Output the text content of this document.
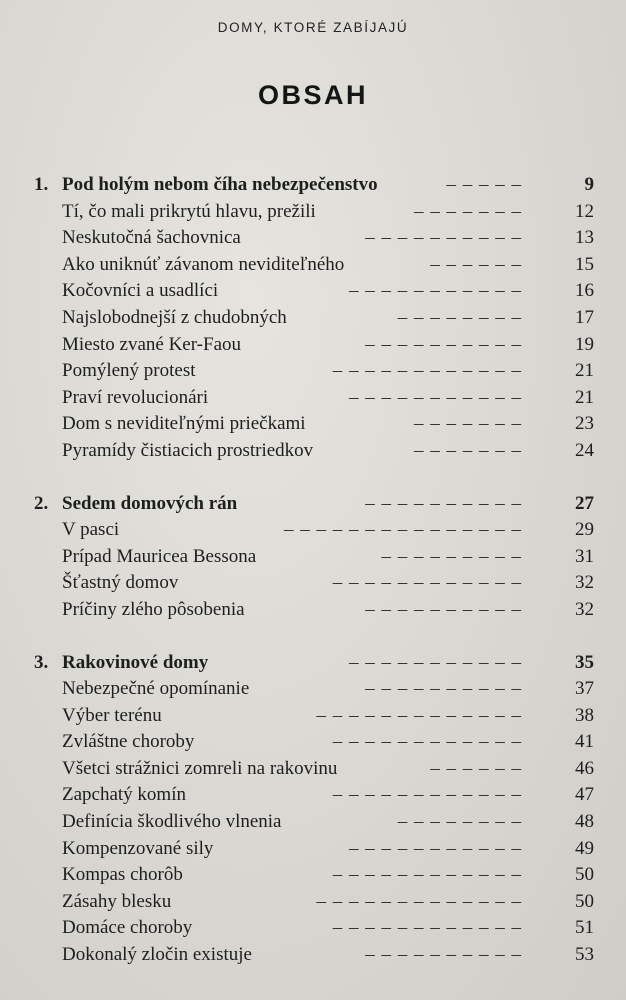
DOMY, KTORÉ ZABÍJAJÚ
OBSAH
1. Pod holým nebom číha nebezpečenstvo	– – – – –	9
Tí, čo mali prikrytú hlavu, prežili	– – – – – – –	12
Neskutočná šachovnica	– – – – – – – – – –	13
Ako uniknúť závanom neviditeľného	– – – – – –	15
Kočovníci a usadlíci	– – – – – – – – – – –	16
Najslobodnejší z chudobných	– – – – – – – –	17
Miesto zvané Ker-Faou	– – – – – – – – – –	19
Pomýlený protest	– – – – – – – – – – – –	21
Praví revolucionári	– – – – – – – – – – –	21
Dom s neviditeľnými priečkami	– – – – – – –	23
Pyramídy čistiacich prostriedkov	– – – – – – –	24
2. Sedem domových rán	– – – – – – – – – –	27
V pasci	– – – – – – – – – – – – – – –	29
Prípad Mauricea Bessona	– – – – – – – – –	31
Šťastný domov	– – – – – – – – – – – –	32
Príčiny zlého pôsobenia	– – – – – – – – – –	32
3. Rakovinové domy	– – – – – – – – – – –	35
Nebezpečné opomínanie	– – – – – – – – – –	37
Výber terénu	– – – – – – – – – – – – –	38
Zvláštne choroby	– – – – – – – – – – – –	41
Všetci strážnici zomreli na rakovinu	– – – – – –	46
Zapchatý komín	– – – – – – – – – – – –	47
Definícia škodlivého vlnenia	– – – – – – – –	48
Kompenzované sily	– – – – – – – – – – –	49
Kompas chorôb	– – – – – – – – – – – –	50
Zásahy blesku	– – – – – – – – – – – – –	50
Domáce choroby	– – – – – – – – – – – –	51
Dokonalý zločin existuje	– – – – – – – – – –	53
